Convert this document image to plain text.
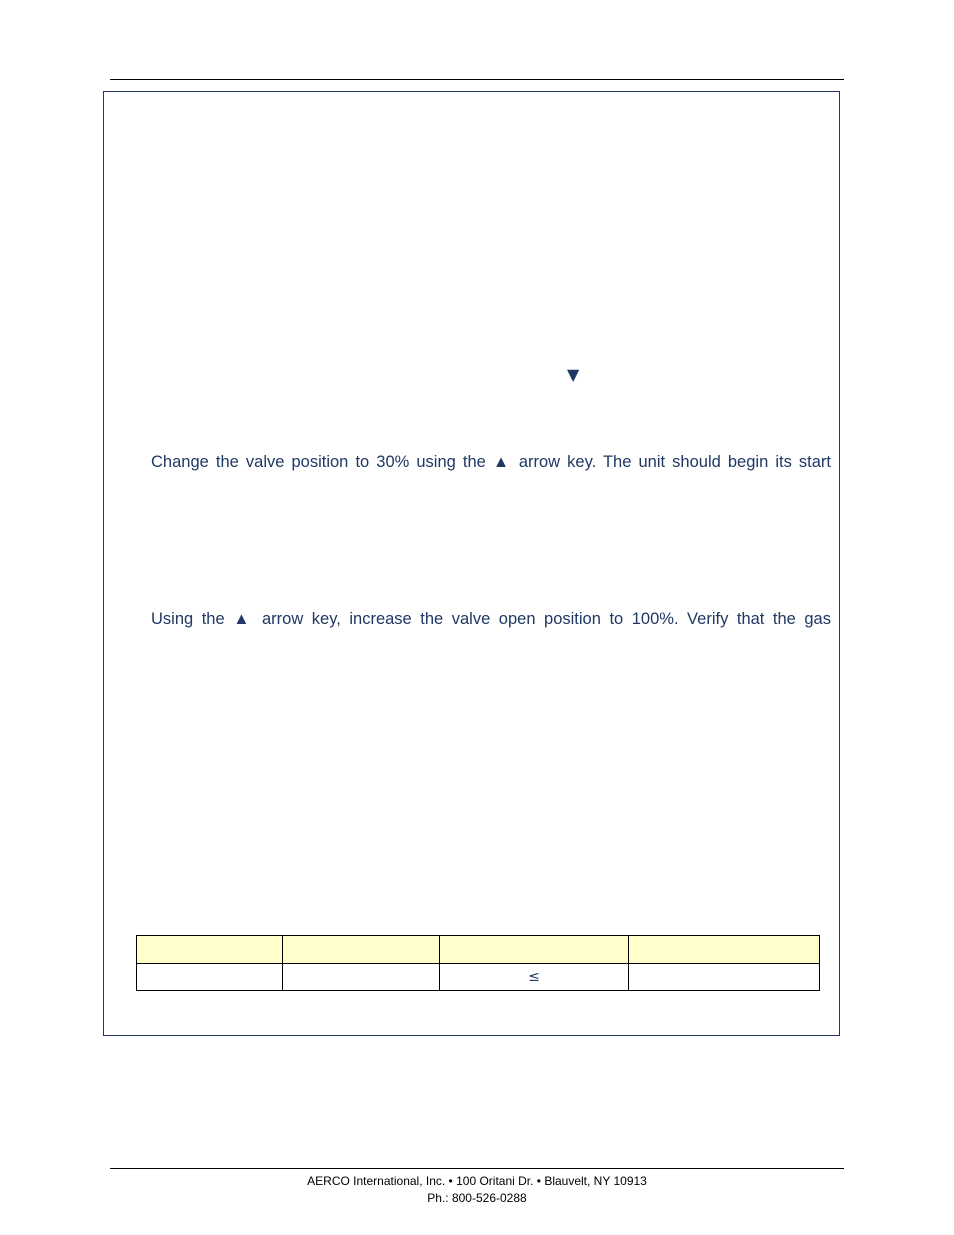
▼
Change the valve position to 30% using the ▲ arrow key. The unit should begin its start
Using the ▲ arrow key, increase the valve open position to 100%. Verify that the gas

		≤	
AERCO International, Inc. • 100 Oritani Dr. • Blauvelt, NY 10913
Ph.: 800-526-0288
